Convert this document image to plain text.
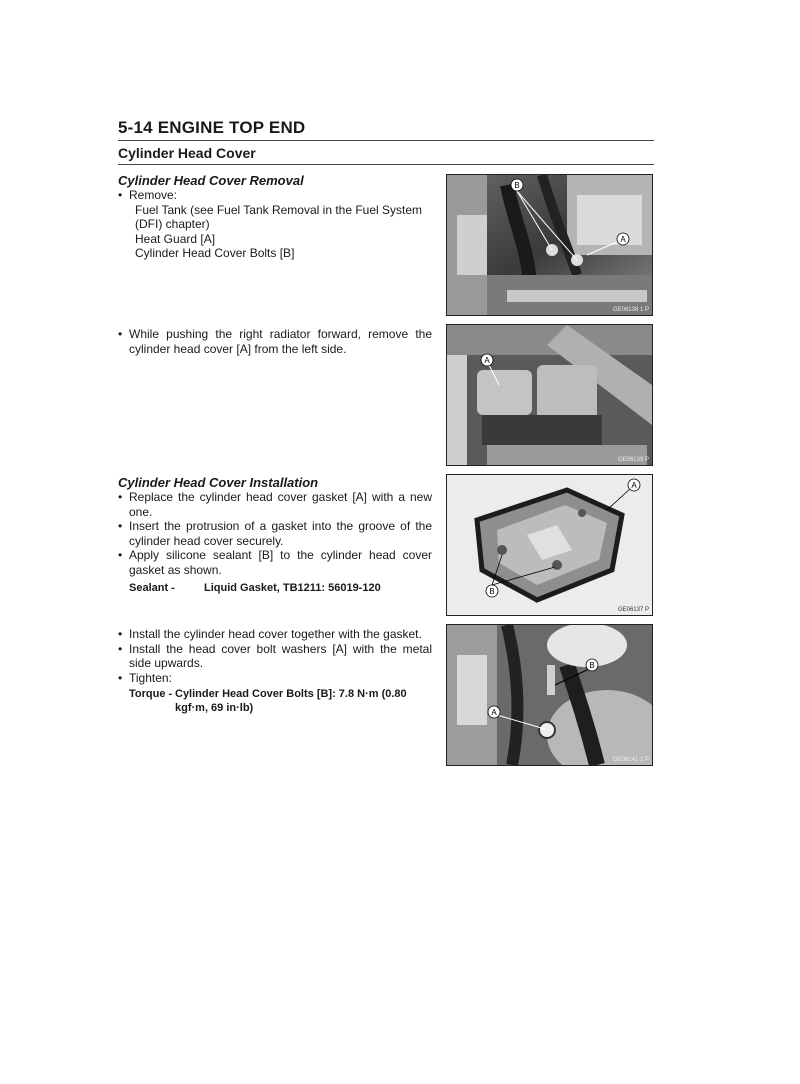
5-14 ENGINE TOP END
Cylinder Head Cover
Cylinder Head Cover Removal
• Remove:
Fuel Tank (see Fuel Tank Removal in the Fuel System
(DFI) chapter)
Heat Guard [A]
Cylinder Head Cover Bolts [B]
• While pushing the right radiator forward, remove the cylinder head cover [A] from the left side.
Cylinder Head Cover Installation
• Replace the cylinder head cover gasket [A] with a new one.
• Insert the protrusion of a gasket into the groove of the cylinder head cover securely.
• Apply silicone sealant [B] to the cylinder head cover gasket as shown.
Sealant -	Liquid Gasket, TB1211: 56019-120
• Install the cylinder head cover together with the gasket.
• Install the head cover bolt washers [A] with the metal side upwards.
• Tighten:
Torque - Cylinder Head Cover Bolts [B]: 7.8 N·m (0.80
kgf·m, 69 in·lb)
B
A
GE06138 1 P
A
GE06139 P
A
B
GE06137 P
B
A
GE06141 1 P
